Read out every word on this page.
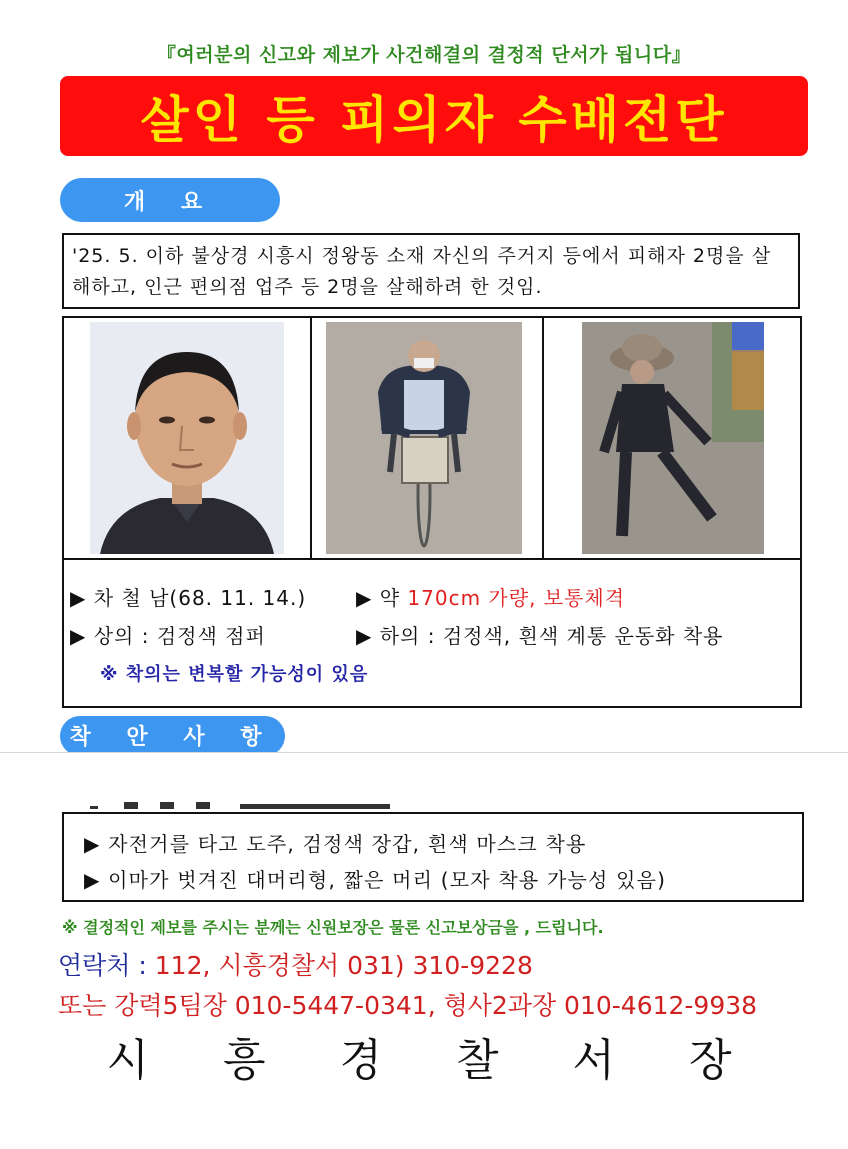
『여러분의 신고와 제보가 사건해결의 결정적 단서가 됩니다』
살인 등 피의자 수배전단
개 요
'25. 5. 이하 불상경 시흥시 정왕동 소재 자신의 주거지 등에서 피해자 2명을 살해하고, 인근 편의점 업주 등 2명을 살해하려 한 것임.
▶ 차 철 남(68. 11. 14.) ▶ 약 170cm 가량, 보통체격
▶ 상의 : 검정색 점퍼	▶ 하의 : 검정색, 흰색 계통 운동화 착용
※ 착의는 변복할 가능성이 있음
착 안 사 항
▶ 자전거를 타고 도주, 검정색 장갑, 흰색 마스크 착용
▶ 이마가 벗겨진 대머리형, 짧은 머리 (모자 착용 가능성 있음)
※ 결정적인 제보를 주시는 분께는 신원보장은 물론 신고보상금을 , 드립니다.
연락처 : 112, 시흥경찰서 031) 310-9228
또는 강력5팀장 010-5447-0341, 형사2과장 010-4612-9938
시 흥 경 찰 서 장
